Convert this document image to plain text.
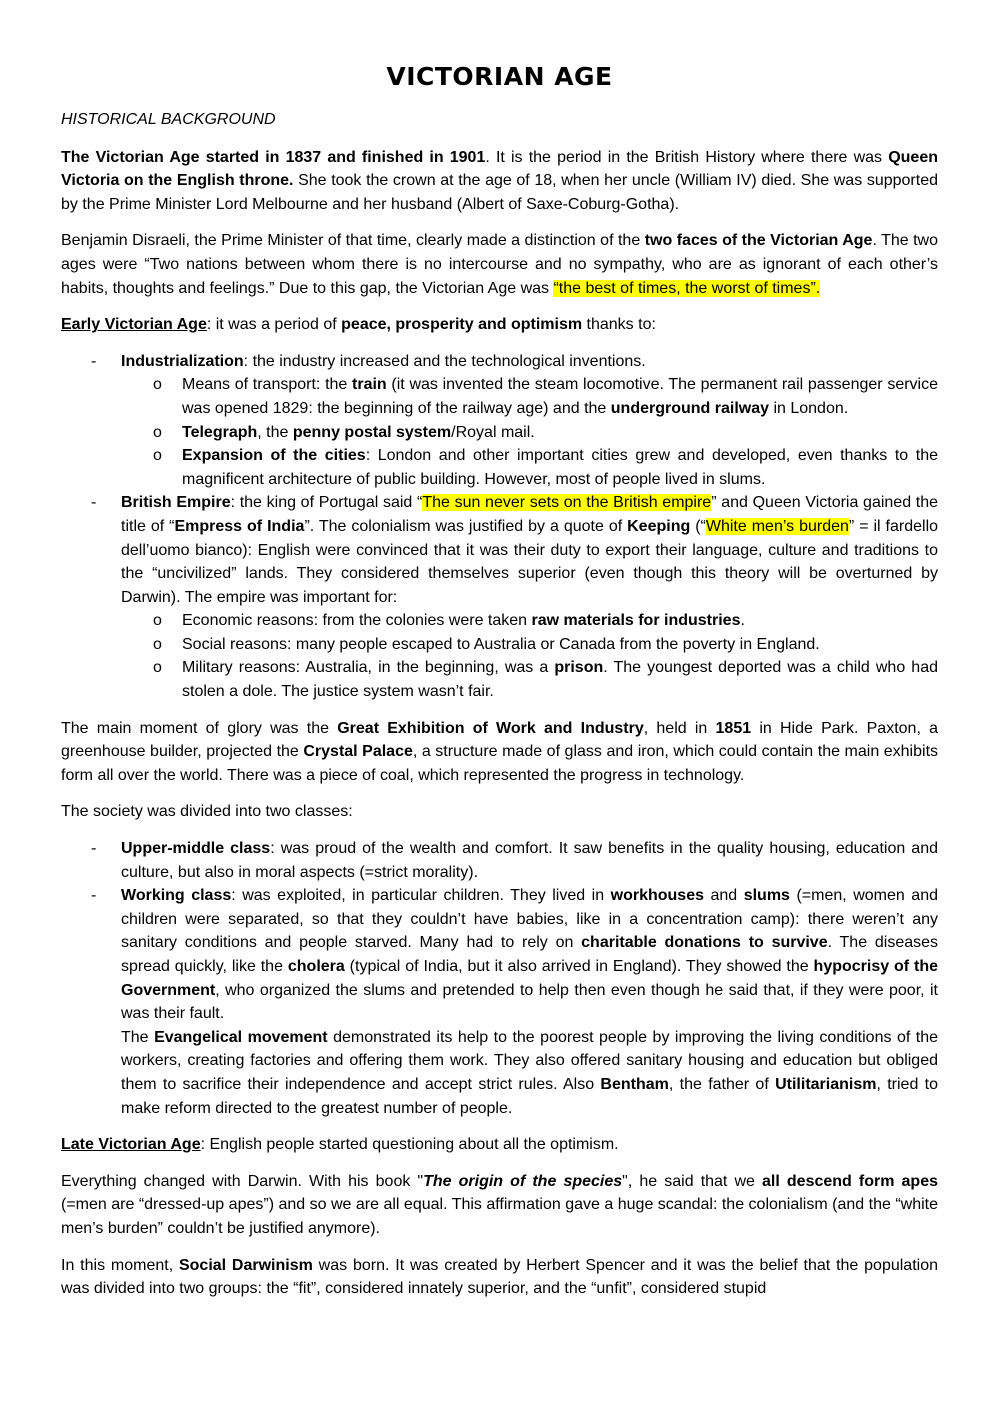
VICTORIAN AGE

HISTORICAL BACKGROUND

The Victorian Age started in 1837 and finished in 1901. It is the period in the British History where there was Queen Victoria on the English throne. She took the crown at the age of 18, when her uncle (William IV) died. She was supported by the Prime Minister Lord Melbourne and her husband (Albert of Saxe-Coburg-Gotha).

Benjamin Disraeli, the Prime Minister of that time, clearly made a distinction of the two faces of the Victorian Age. The two ages were “Two nations between whom there is no intercourse and no sympathy, who are as ignorant of each other’s habits, thoughts and feelings.” Due to this gap, the Victorian Age was “the best of times, the worst of times”.

Early Victorian Age: it was a period of peace, prosperity and optimism thanks to:

- Industrialization: the industry increased and the technological inventions.
o Means of transport: the train (it was invented the steam locomotive. The permanent rail passenger service was opened 1829: the beginning of the railway age) and the underground railway in London.
o Telegraph, the penny postal system/Royal mail.
o Expansion of the cities: London and other important cities grew and developed, even thanks to the magnificent architecture of public building. However, most of people lived in slums.
- British Empire: the king of Portugal said “The sun never sets on the British empire” and Queen Victoria gained the title of “Empress of India”. The colonialism was justified by a quote of Keeping (“White men’s burden” = il fardello dell’uomo bianco): English were convinced that it was their duty to export their language, culture and traditions to the “uncivilized” lands. They considered themselves superior (even though this theory will be overturned by Darwin). The empire was important for:
o Economic reasons: from the colonies were taken raw materials for industries.
o Social reasons: many people escaped to Australia or Canada from the poverty in England.
o Military reasons: Australia, in the beginning, was a prison. The youngest deported was a child who had stolen a dole. The justice system wasn’t fair.

The main moment of glory was the Great Exhibition of Work and Industry, held in 1851 in Hide Park. Paxton, a greenhouse builder, projected the Crystal Palace, a structure made of glass and iron, which could contain the main exhibits form all over the world. There was a piece of coal, which represented the progress in technology.

The society was divided into two classes:

- Upper-middle class: was proud of the wealth and comfort. It saw benefits in the quality housing, education and culture, but also in moral aspects (=strict morality).
- Working class: was exploited, in particular children. They lived in workhouses and slums (=men, women and children were separated, so that they couldn’t have babies, like in a concentration camp): there weren’t any sanitary conditions and people starved. Many had to rely on charitable donations to survive. The diseases spread quickly, like the cholera (typical of India, but it also arrived in England). They showed the hypocrisy of the Government, who organized the slums and pretended to help then even though he said that, if they were poor, it was their fault.
The Evangelical movement demonstrated its help to the poorest people by improving the living conditions of the workers, creating factories and offering them work. They also offered sanitary housing and education but obliged them to sacrifice their independence and accept strict rules. Also Bentham, the father of Utilitarianism, tried to make reform directed to the greatest number of people.

Late Victorian Age: English people started questioning about all the optimism.

Everything changed with Darwin. With his book "The origin of the species", he said that we all descend form apes (=men are “dressed-up apes”) and so we are all equal. This affirmation gave a huge scandal: the colonialism (and the “white men’s burden” couldn’t be justified anymore).

In this moment, Social Darwinism was born. It was created by Herbert Spencer and it was the belief that the population was divided into two groups: the “fit”, considered innately superior, and the “unfit”, considered stupid
